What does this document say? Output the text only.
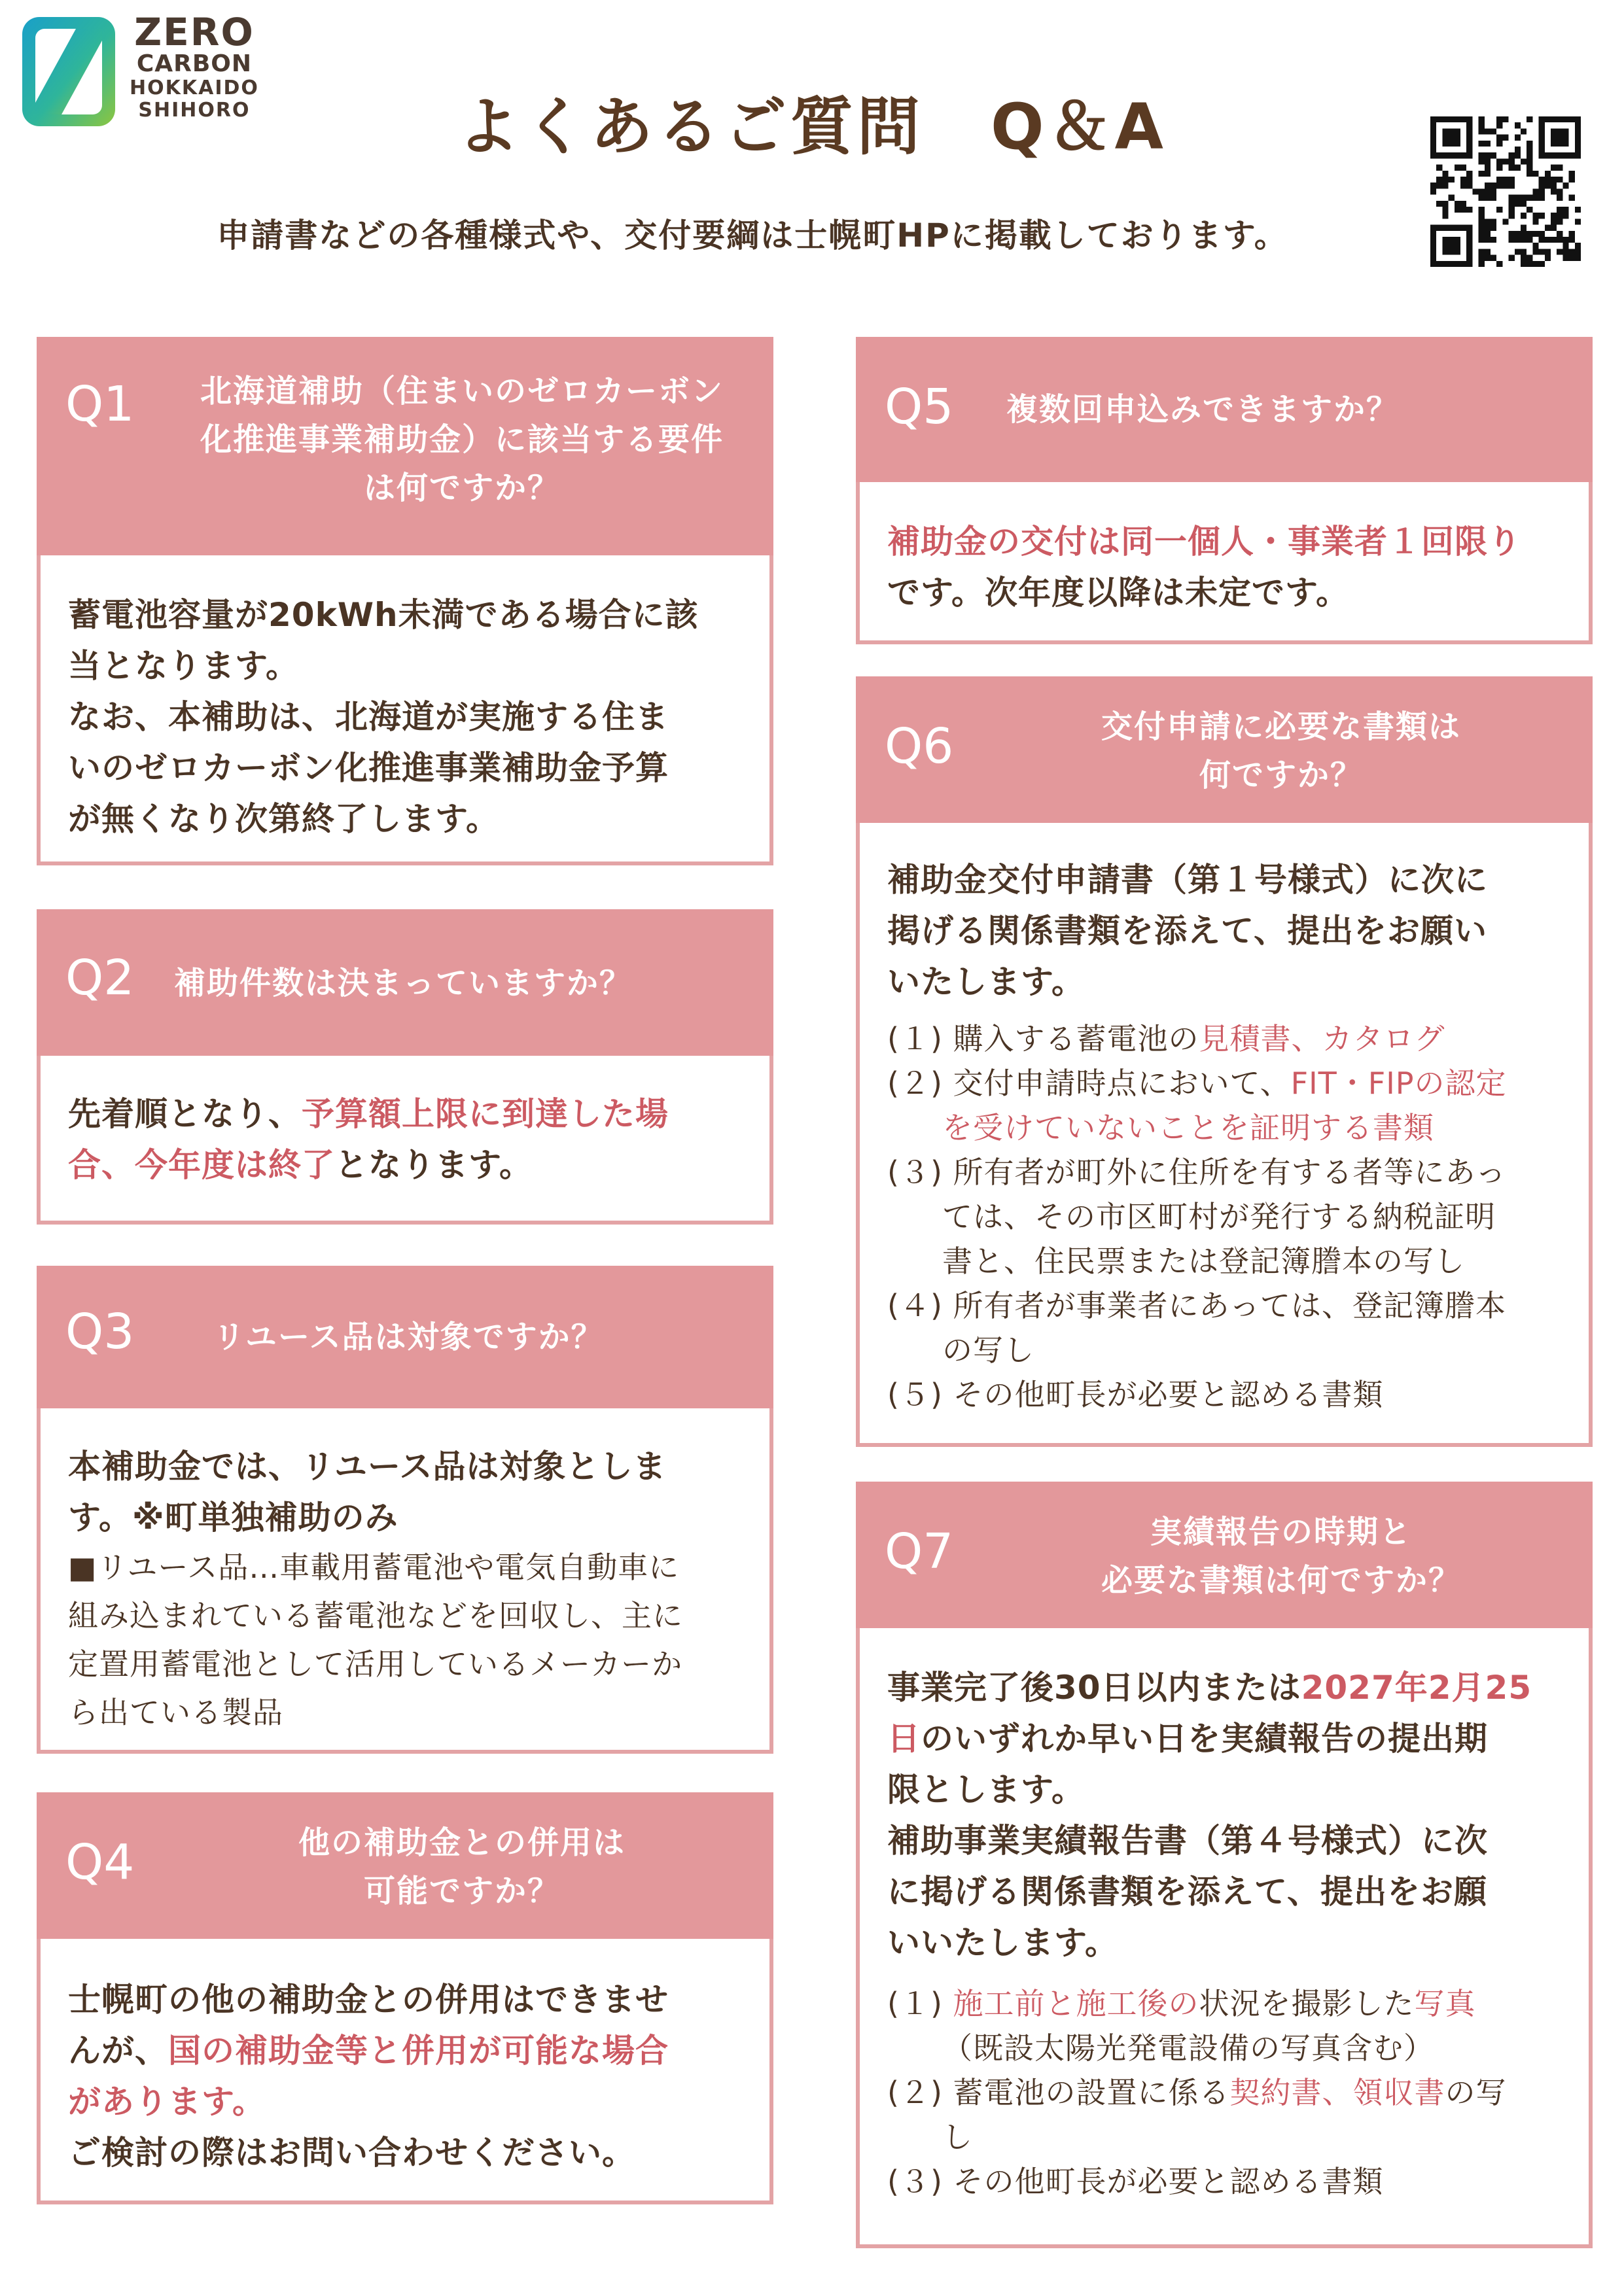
ZERO
CARBON
HOKKAIDO
SHIHORO	よくあるご質問　Q＆A
申請書などの各種様式や、交付要綱は士幌町HPに掲載しております。
Q1	北海道補助（住まいのゼロカーボン
化推進事業補助金）に該当する要件
は何ですか？
蓄電池容量が20kWh未満である場合に該
当となります。
なお、本補助は、北海道が実施する住ま
いのゼロカーボン化推進事業補助金予算
が無くなり次第終了します。
Q2 補助件数は決まっていますか？
先着順となり、予算額上限に到達した場
合、今年度は終了となります。
Q3	リユース品は対象ですか？
本補助金では、リユース品は対象としま
す。※町単独補助のみ
■リユース品…車載用蓄電池や電気自動車に
組み込まれている蓄電池などを回収し、主に
定置用蓄電池として活用しているメーカーか
ら出ている製品
Q4	他の補助金との併用は
可能ですか？
士幌町の他の補助金との併用はできませ
んが、国の補助金等と併用が可能な場合
があります。
ご検討の際はお問い合わせください。
Q5 複数回申込みできますか？
補助金の交付は同一個人・事業者１回限り
です。次年度以降は未定です。
Q6	交付申請に必要な書類は
何ですか？
補助金交付申請書（第１号様式）に次に
掲げる関係書類を添えて、提出をお願い
いたします。
(１) 購入する蓄電池の見積書、カタログ
(２) 交付申請時点において、FIT・FIPの認定
を受けていないことを証明する書類
(３) 所有者が町外に住所を有する者等にあっ
ては、その市区町村が発行する納税証明
書と、住民票または登記簿謄本の写し
(４) 所有者が事業者にあっては、登記簿謄本
の写し
(５) その他町長が必要と認める書類
Q7	実績報告の時期と
必要な書類は何ですか？
事業完了後30日以内または2027年2月25
日のいずれか早い日を実績報告の提出期
限とします。
補助事業実績報告書（第４号様式）に次
に掲げる関係書類を添えて、提出をお願
いいたします。
(１) 施工前と施工後の状況を撮影した写真
（既設太陽光発電設備の写真含む）
(２) 蓄電池の設置に係る契約書、領収書の写
し
(３) その他町長が必要と認める書類
